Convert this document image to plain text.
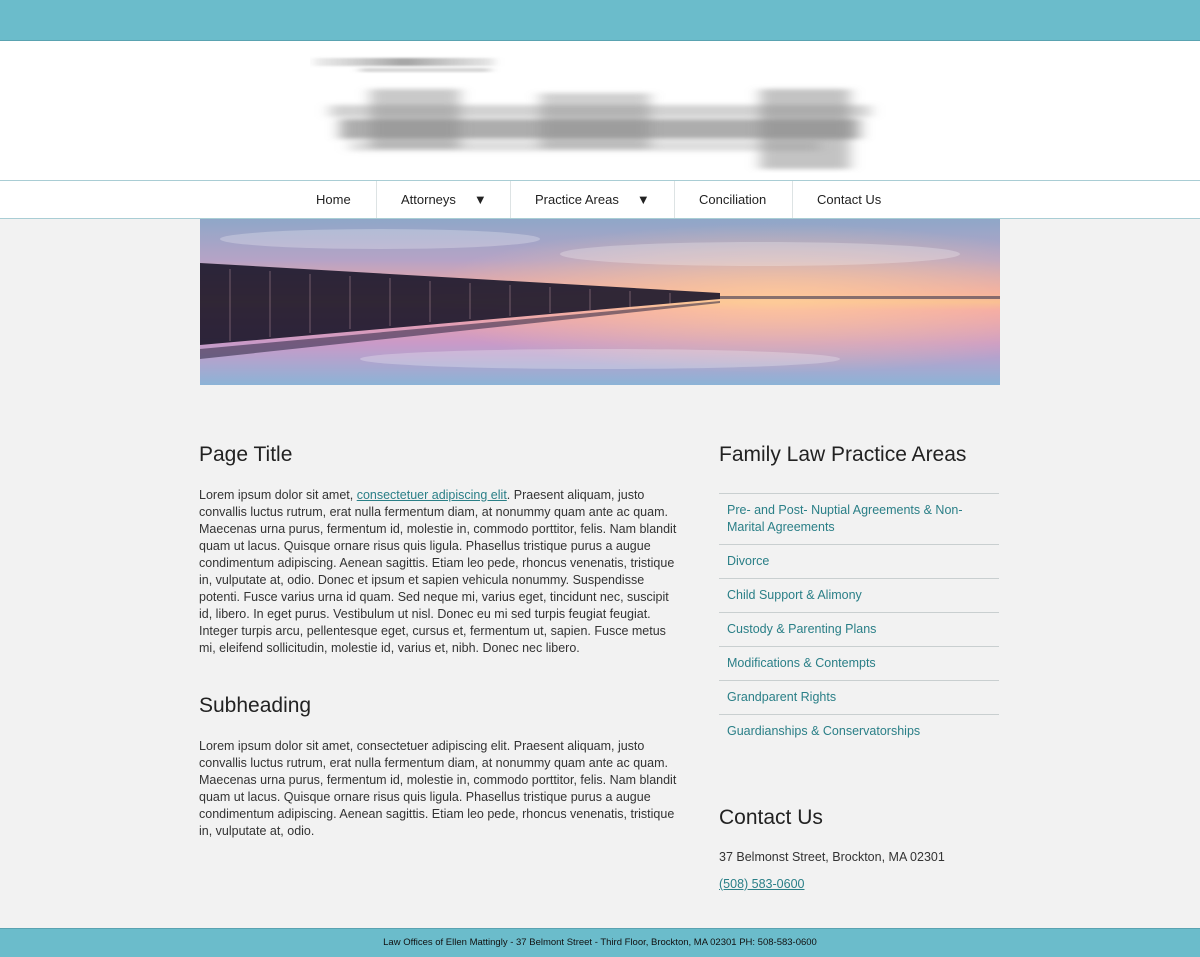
Home	Attorneys ▼	Practice Areas ▼	Conciliation	Contact Us
Page Title

Lorem ipsum dolor sit amet, consectetuer adipiscing elit. Praesent aliquam, justo convallis luctus rutrum, erat nulla fermentum diam, at nonummy quam ante ac quam. Maecenas urna purus, fermentum id, molestie in, commodo porttitor, felis. Nam blandit quam ut lacus. Quisque ornare risus quis ligula. Phasellus tristique purus a augue condimentum adipiscing. Aenean sagittis. Etiam leo pede, rhoncus venenatis, tristique in, vulputate at, odio. Donec et ipsum et sapien vehicula nonummy. Suspendisse potenti. Fusce varius urna id quam. Sed neque mi, varius eget, tincidunt nec, suscipit id, libero. In eget purus. Vestibulum ut nisl. Donec eu mi sed turpis feugiat feugiat. Integer turpis arcu, pellentesque eget, cursus et, fermentum ut, sapien. Fusce metus mi, eleifend sollicitudin, molestie id, varius et, nibh. Donec nec libero.

Subheading

Lorem ipsum dolor sit amet, consectetuer adipiscing elit. Praesent aliquam, justo convallis luctus rutrum, erat nulla fermentum diam, at nonummy quam ante ac quam. Maecenas urna purus, fermentum id, molestie in, commodo porttitor, felis. Nam blandit quam ut lacus. Quisque ornare risus quis ligula. Phasellus tristique purus a augue condimentum adipiscing. Aenean sagittis. Etiam leo pede, rhoncus venenatis, tristique in, vulputate at, odio.

Family Law Practice Areas
Pre- and Post- Nuptial Agreements & Non-Marital Agreements
Divorce
Child Support & Alimony
Custody & Parenting Plans
Modifications & Contempts
Grandparent Rights
Guardianships & Conservatorships
Contact Us
37 Belmonst Street, Brockton, MA 02301
(508) 583-0600
Law Offices of Ellen Mattingly - 37 Belmont Street - Third Floor, Brockton, MA 02301 PH: 508-583-0600
